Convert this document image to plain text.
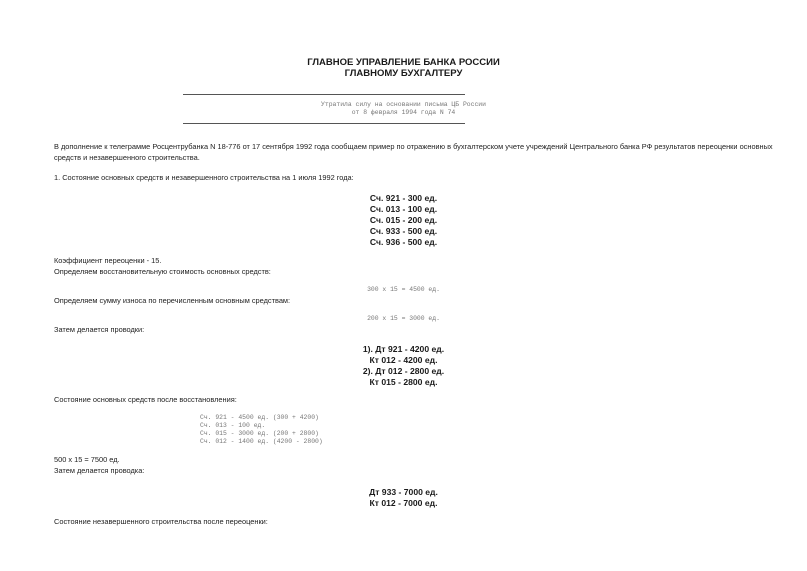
ГЛАВНОЕ УПРАВЛЕНИЕ БАНКА РОССИИ
ГЛАВНОМУ БУХГАЛТЕРУ
Утратила силу на основании письма ЦБ России
от 8 февраля 1994 года N 74
В дополнение к телеграмме Росцентрубанка N 18-776 от 17 сентября 1992 года сообщаем пример по отражению в бухгалтерском учете учреждений Центрального банка РФ результатов переоценки основных средств и незавершенного строительства.
1. Состояние основных средств и незавершенного строительства на 1 июля 1992 года:
Сч. 921 - 300 ед.
Сч. 013 - 100 ед.
Сч. 015 - 200 ед.
Сч. 933 - 500 ед.
Сч. 936 - 500 ед.
Коэффициент переоценки - 15.
Определяем восстановительную стоимость основных средств:
300 x 15 = 4500 ед.
Определяем сумму износа по перечисленным основным средствам:
200 x 15 = 3000 ед.
Затем делается проводки:
1). Дт 921 - 4200 ед.
Кт 012 - 4200 ед.
2). Дт 012 - 2800 ед.
Кт 015 - 2800 ед.
Состояние основных средств после восстановления:
Сч. 921 - 4500 ед. (300 + 4200)
Сч. 013 - 100 ед.
Сч. 015 - 3000 ед. (200 + 2800)
Сч. 012 - 1400 ед. (4200 - 2800)
500 x 15 = 7500 ед.
Затем делается проводка:
Дт 933 - 7000 ед.
Кт 012 - 7000 ед.
Состояние незавершенного строительства после переоценки:
